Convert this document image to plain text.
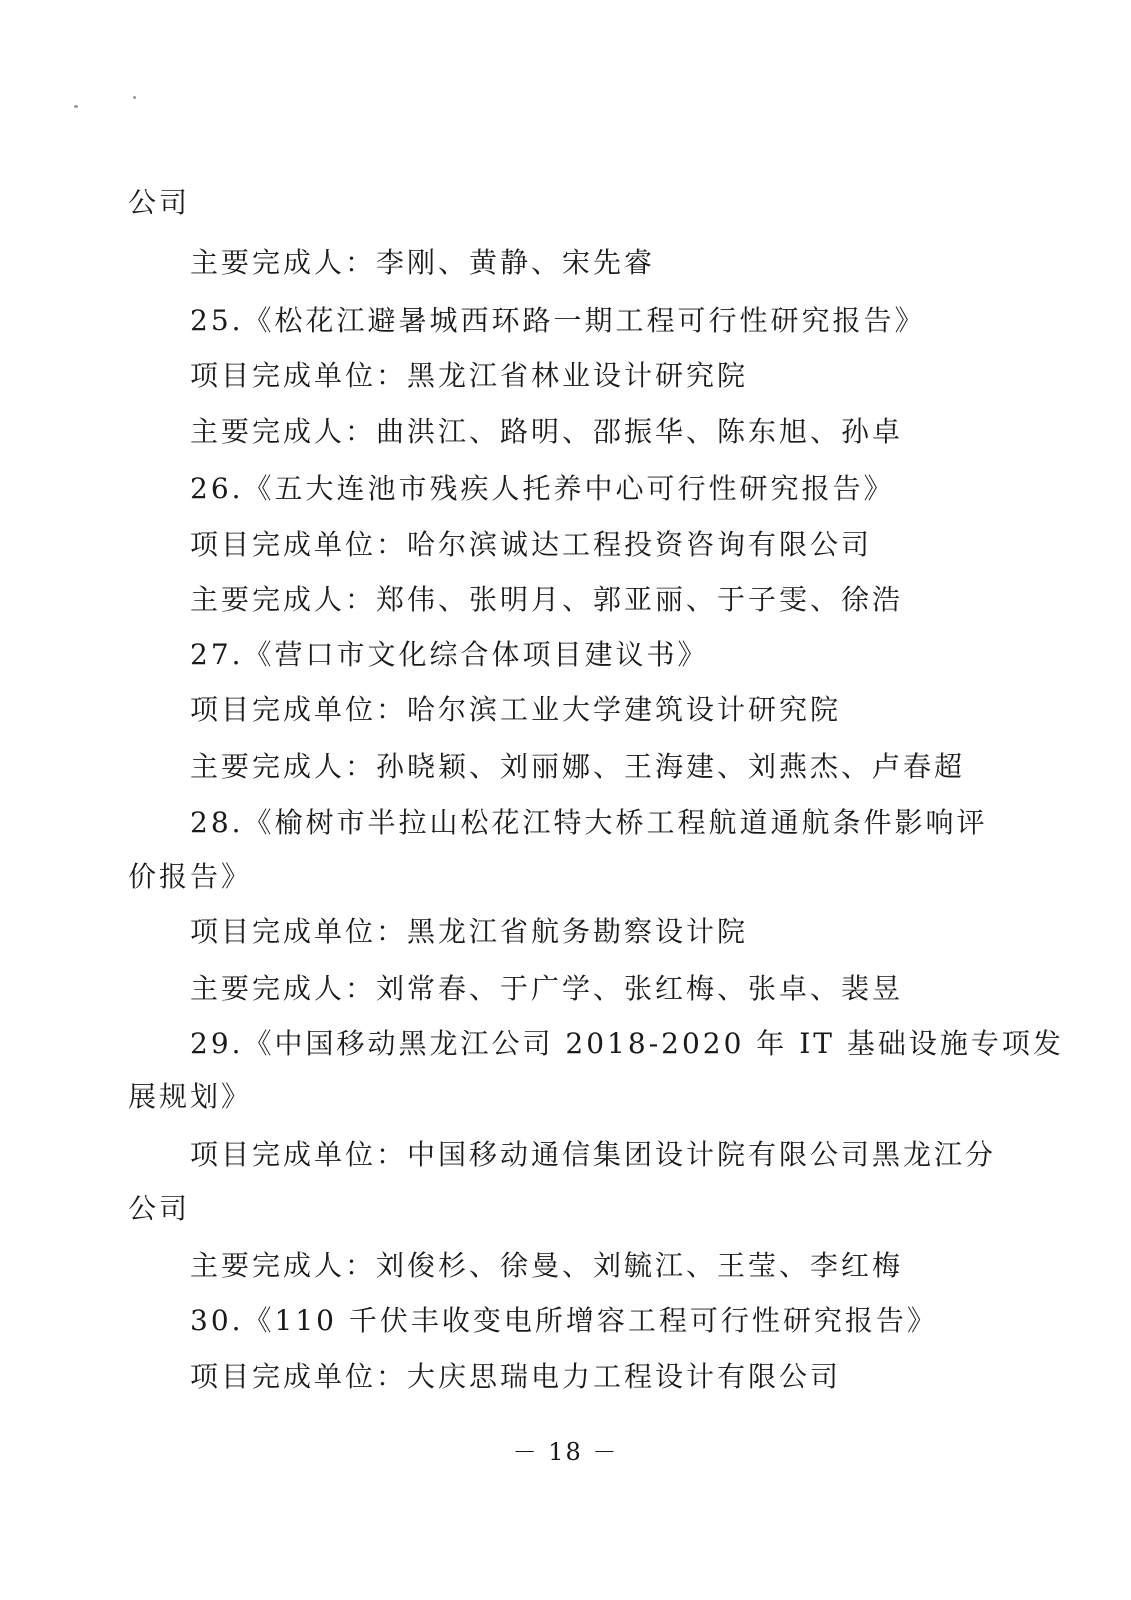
公司
主要完成人：李刚、黄静、宋先睿
25.《松花江避暑城西环路一期工程可行性研究报告》
项目完成单位：黑龙江省林业设计研究院
主要完成人：曲洪江、路明、邵振华、陈东旭、孙卓
26.《五大连池市残疾人托养中心可行性研究报告》
项目完成单位：哈尔滨诚达工程投资咨询有限公司
主要完成人：郑伟、张明月、郭亚丽、于子雯、徐浩
27.《营口市文化综合体项目建议书》
项目完成单位：哈尔滨工业大学建筑设计研究院
主要完成人：孙晓颖、刘丽娜、王海建、刘燕杰、卢春超
28.《榆树市半拉山松花江特大桥工程航道通航条件影响评
价报告》
项目完成单位：黑龙江省航务勘察设计院
主要完成人：刘常春、于广学、张红梅、张卓、裴昱
29.《中国移动黑龙江公司 2018-2020 年 IT 基础设施专项发
展规划》
项目完成单位：中国移动通信集团设计院有限公司黑龙江分
公司
主要完成人：刘俊杉、徐曼、刘毓江、王莹、李红梅
30.《110 千伏丰收变电所增容工程可行性研究报告》
项目完成单位：大庆思瑞电力工程设计有限公司
－ 18 －
